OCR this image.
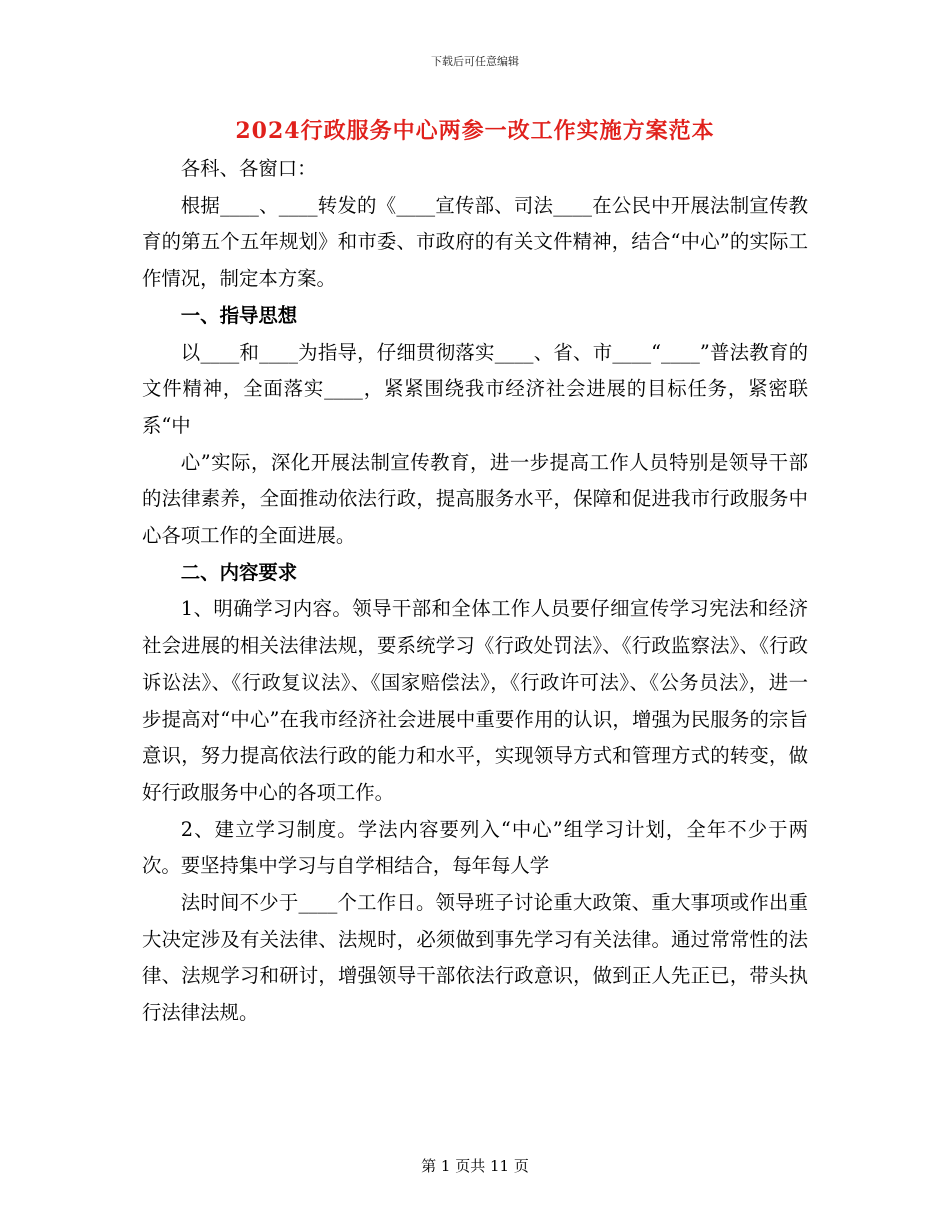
下载后可任意编辑
2024行政服务中心两参一改工作实施方案范本

各科、各窗口：

根据____、____转发的《____宣传部、司法____在公民中开展法制宣传教育的第五个五年规划》和市委、市政府的有关文件精神，结合“中心”的实际工作情况，制定本方案。

一、指导思想

以____和____为指导，仔细贯彻落实____、省、市____“____”普法教育的文件精神，全面落实____，紧紧围绕我市经济社会进展的目标任务，紧密联系“中

心”实际，深化开展法制宣传教育，进一步提高工作人员特别是领导干部的法律素养，全面推动依法行政，提高服务水平，保障和促进我市行政服务中心各项工作的全面进展。

二、内容要求

1、明确学习内容。领导干部和全体工作人员要仔细宣传学习宪法和经济社会进展的相关法律法规，要系统学习《行政处罚法》、《行政监察法》、《行政诉讼法》、《行政复议法》、《国家赔偿法》，《行政许可法》、《公务员法》，进一步提高对“中心”在我市经济社会进展中重要作用的认识，增强为民服务的宗旨意识，努力提高依法行政的能力和水平，实现领导方式和管理方式的转变，做好行政服务中心的各项工作。

2、建立学习制度。学法内容要列入“中心”组学习计划，全年不少于两次。要坚持集中学习与自学相结合，每年每人学

法时间不少于____个工作日。领导班子讨论重大政策、重大事项或作出重大决定涉及有关法律、法规时，必须做到事先学习有关法律。通过常常性的法律、法规学习和研讨，增强领导干部依法行政意识，做到正人先正已，带头执行法律法规。

第 1 页共 11 页
